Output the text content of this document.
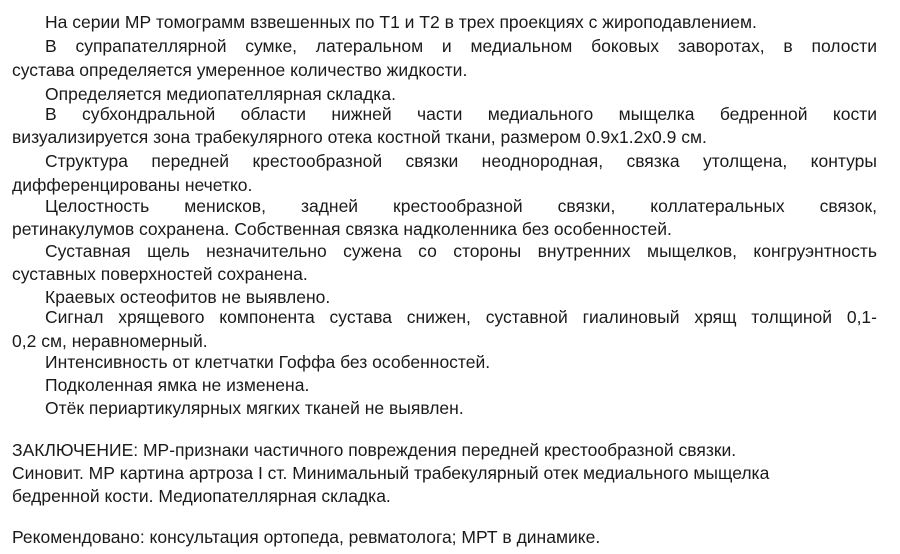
На серии МР томограмм взвешенных по Т1 и Т2 в трех проекциях с жироподавлением.
В супрапателлярной сумке, латеральном и медиальном боковых заворотах, в полости
сустава определяется умеренное количество жидкости.
Определяется медиопателлярная складка.
В субхондральной области нижней части медиального мыщелка бедренной кости
визуализируется зона трабекулярного отека костной ткани, размером 0.9x1.2x0.9 см.
Структура передней крестообразной связки неоднородная, связка утолщена, контуры
дифференцированы нечетко.
Целостность менисков, задней крестообразной связки, коллатеральных связок,
ретинакулумов сохранена. Собственная связка надколенника без особенностей.
Суставная щель незначительно сужена со стороны внутренних мыщелков, конгруэнтность
суставных поверхностей сохранена.
Краевых остеофитов не выявлено.
Сигнал хрящевого компонента сустава снижен, суставной гиалиновый хрящ толщиной 0,1-
0,2 см, неравномерный.
Интенсивность от клетчатки Гоффа без особенностей.
Подколенная ямка не изменена.
Отёк периартикулярных мягких тканей не выявлен.
ЗАКЛЮЧЕНИЕ: МР-признаки частичного повреждения передней крестообразной связки.
Синовит. МР картина артроза I ст. Минимальный трабекулярный отек медиального мыщелка
бедренной кости. Медиопателлярная складка.
Рекомендовано: консультация ортопеда, ревматолога; МРТ в динамике.
